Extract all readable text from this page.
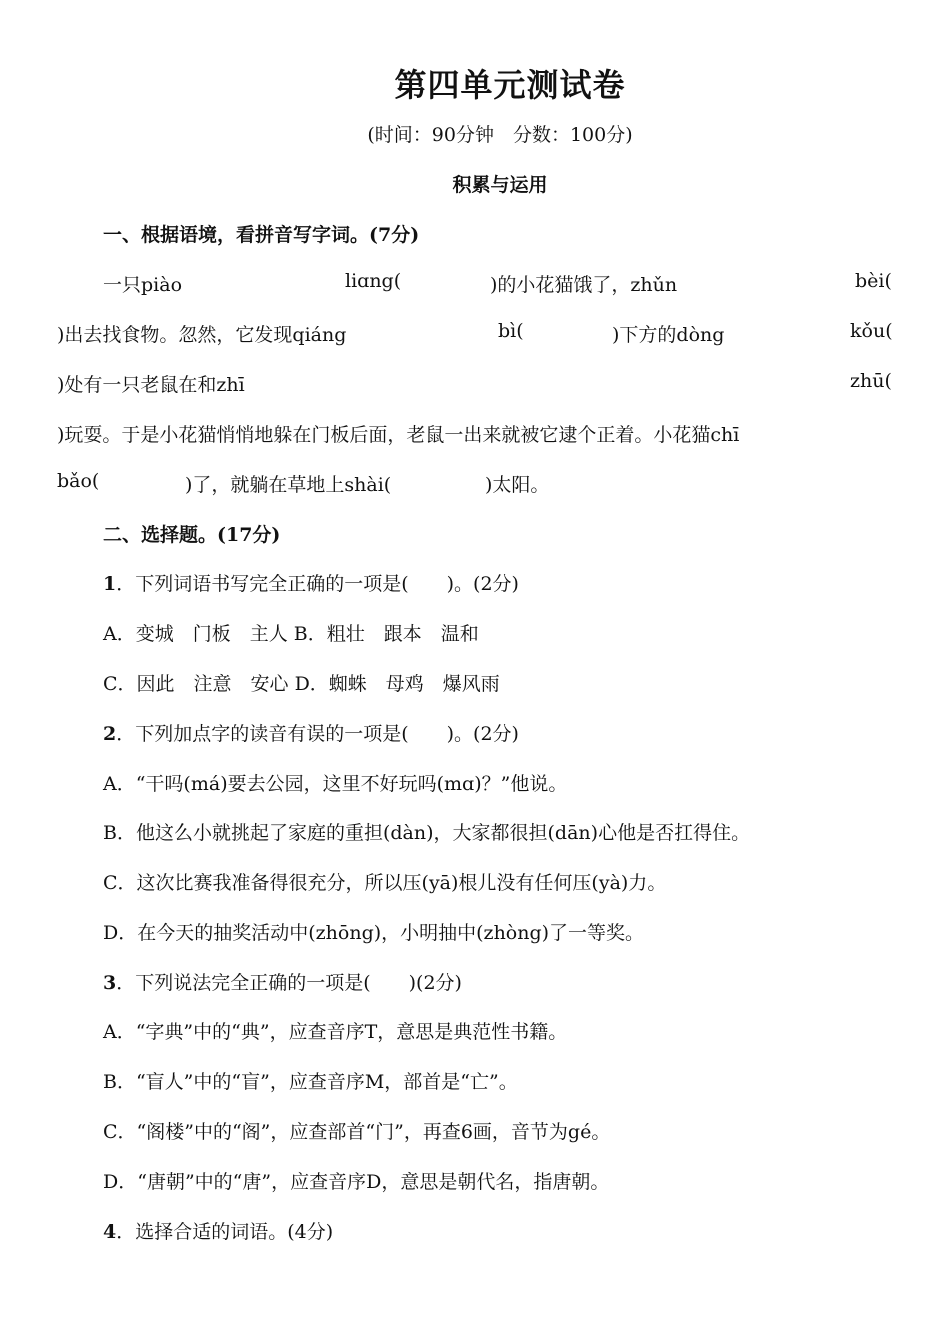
第四单元测试卷
(时间：90分钟　分数：100分)
积累与运用
一、根据语境，看拼音写字词。(7分)
一只piào	liɑng(	)的小花猫饿了，zhǔn	bèi(
)出去找食物。忽然，它发现qiáng	bì(	)下方的dòng	kǒu(
)处有一只老鼠在和zhī	zhū(
)玩耍。于是小花猫悄悄地躲在门板后面，老鼠一出来就被它逮个正着。小花猫chī
bǎo(	)了，就躺在草地上shài(	)太阳。
二、选择题。(17分)
1．下列词语书写完全正确的一项是(　　)。(2分)
A．变城　门板　主人 B．粗壮　跟本　温和
C．因此　注意　安心 D．蜘蛛　母鸡　爆风雨
2．下列加点字的读音有误的一项是(　　)。(2分)
A．“干吗(má)要去公园，这里不好玩吗(mɑ)？”他说。
B．他这么小就挑起了家庭的重担(dàn)，大家都很担(dān)心他是否扛得住。
C．这次比赛我准备得很充分，所以压(yā)根儿没有任何压(yà)力。
D．在今天的抽奖活动中(zhōng)，小明抽中(zhòng)了一等奖。
3．下列说法完全正确的一项是(　　)(2分)
A．“字典”中的“典”，应查音序T，意思是典范性书籍。
B．“盲人”中的“盲”，应查音序M，部首是“亡”。
C．“阁楼”中的“阁”，应查部首“门”，再查6画，音节为gé。
D．“唐朝”中的“唐”，应查音序D，意思是朝代名，指唐朝。
4．选择合适的词语。(4分)
